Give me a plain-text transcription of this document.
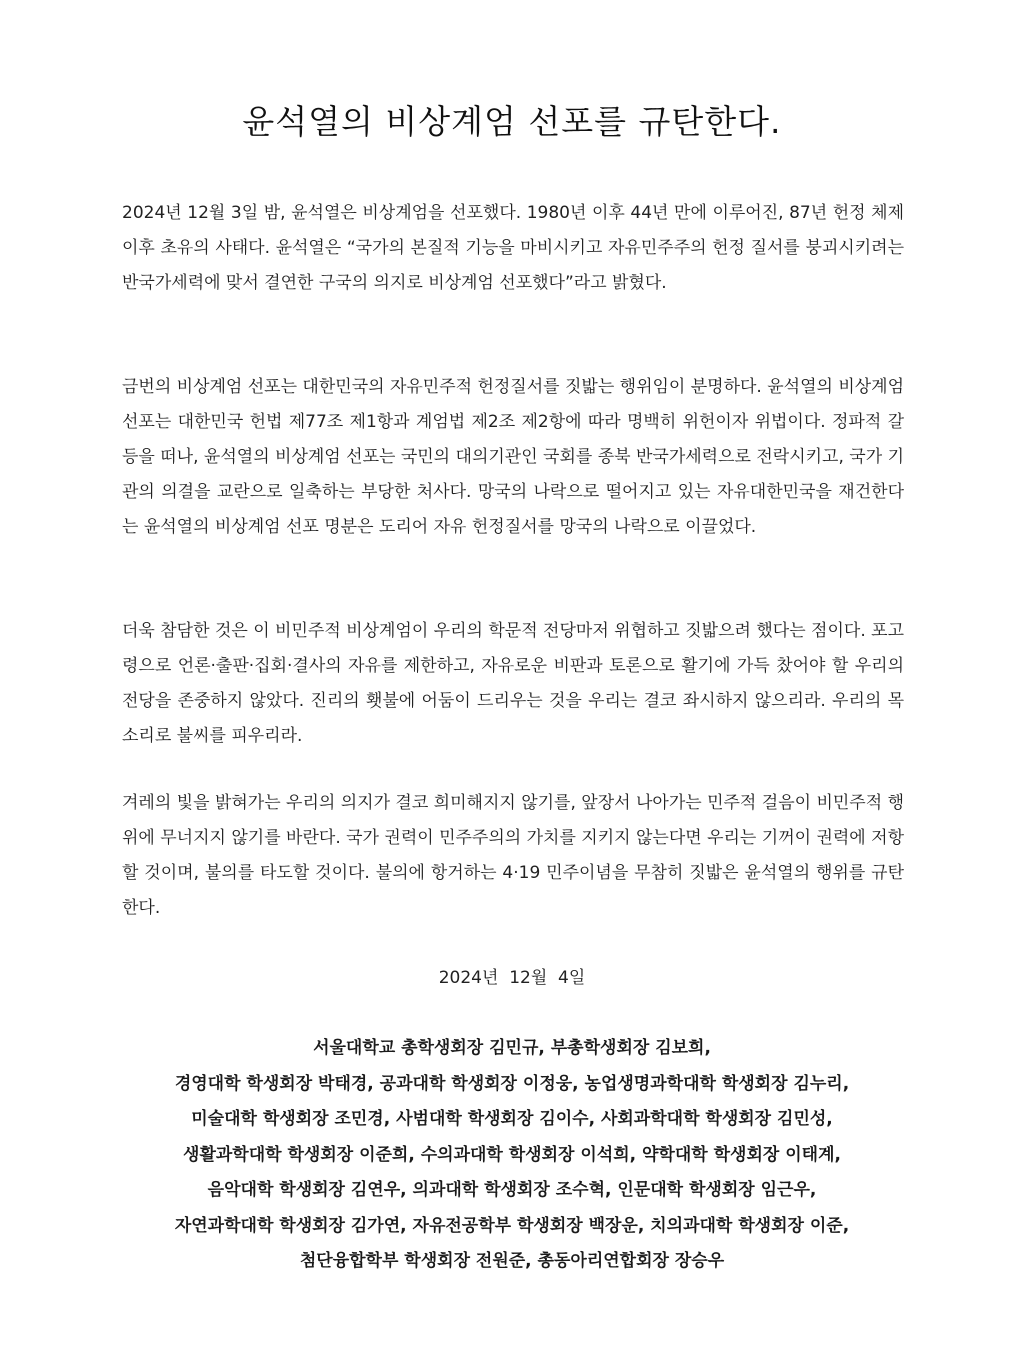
윤석열의 비상계엄 선포를 규탄한다.

2024년 12월 3일 밤, 윤석열은 비상계엄을 선포했다. 1980년 이후 44년 만에 이루어진, 87년 헌정 체제 이후 초유의 사태다. 윤석열은 “국가의 본질적 기능을 마비시키고 자유민주주의 헌정 질서를 붕괴시키려는 반국가세력에 맞서 결연한 구국의 의지로 비상계엄 선포했다”라고 밝혔다.

금번의 비상계엄 선포는 대한민국의 자유민주적 헌정질서를 짓밟는 행위임이 분명하다. 윤석열의 비상계엄 선포는 대한민국 헌법 제77조 제1항과 계엄법 제2조 제2항에 따라 명백히 위헌이자 위법이다. 정파적 갈등을 떠나, 윤석열의 비상계엄 선포는 국민의 대의기관인 국회를 종북 반국가세력으로 전락시키고, 국가 기관의 의결을 교란으로 일축하는 부당한 처사다. 망국의 나락으로 떨어지고 있는 자유대한민국을 재건한다는 윤석열의 비상계엄 선포 명분은 도리어 자유 헌정질서를 망국의 나락으로 이끌었다.

더욱 참담한 것은 이 비민주적 비상계엄이 우리의 학문적 전당마저 위협하고 짓밟으려 했다는 점이다. 포고령으로 언론·출판·집회·결사의 자유를 제한하고, 자유로운 비판과 토론으로 활기에 가득 찼어야 할 우리의 전당을 존중하지 않았다. 진리의 횃불에 어둠이 드리우는 것을 우리는 결코 좌시하지 않으리라. 우리의 목소리로 불씨를 피우리라.

겨레의 빛을 밝혀가는 우리의 의지가 결코 희미해지지 않기를, 앞장서 나아가는 민주적 걸음이 비민주적 행위에 무너지지 않기를 바란다. 국가 권력이 민주주의의 가치를 지키지 않는다면 우리는 기꺼이 권력에 저항할 것이며, 불의를 타도할 것이다. 불의에 항거하는 4·19 민주이념을 무참히 짓밟은 윤석열의 행위를 규탄한다.

2024년  12월  4일

서울대학교 총학생회장 김민규, 부총학생회장 김보희,
경영대학 학생회장 박태경, 공과대학 학생회장 이정웅, 농업생명과학대학 학생회장 김누리,
미술대학 학생회장 조민경, 사범대학 학생회장 김이수, 사회과학대학 학생회장 김민성,
생활과학대학 학생회장 이준희, 수의과대학 학생회장 이석희, 약학대학 학생회장 이태계,
음악대학 학생회장 김연우, 의과대학 학생회장 조수혁, 인문대학 학생회장 임근우,
자연과학대학 학생회장 김가연, 자유전공학부 학생회장 백장운, 치의과대학 학생회장 이준,
첨단융합학부 학생회장 전원준, 총동아리연합회장 장승우
